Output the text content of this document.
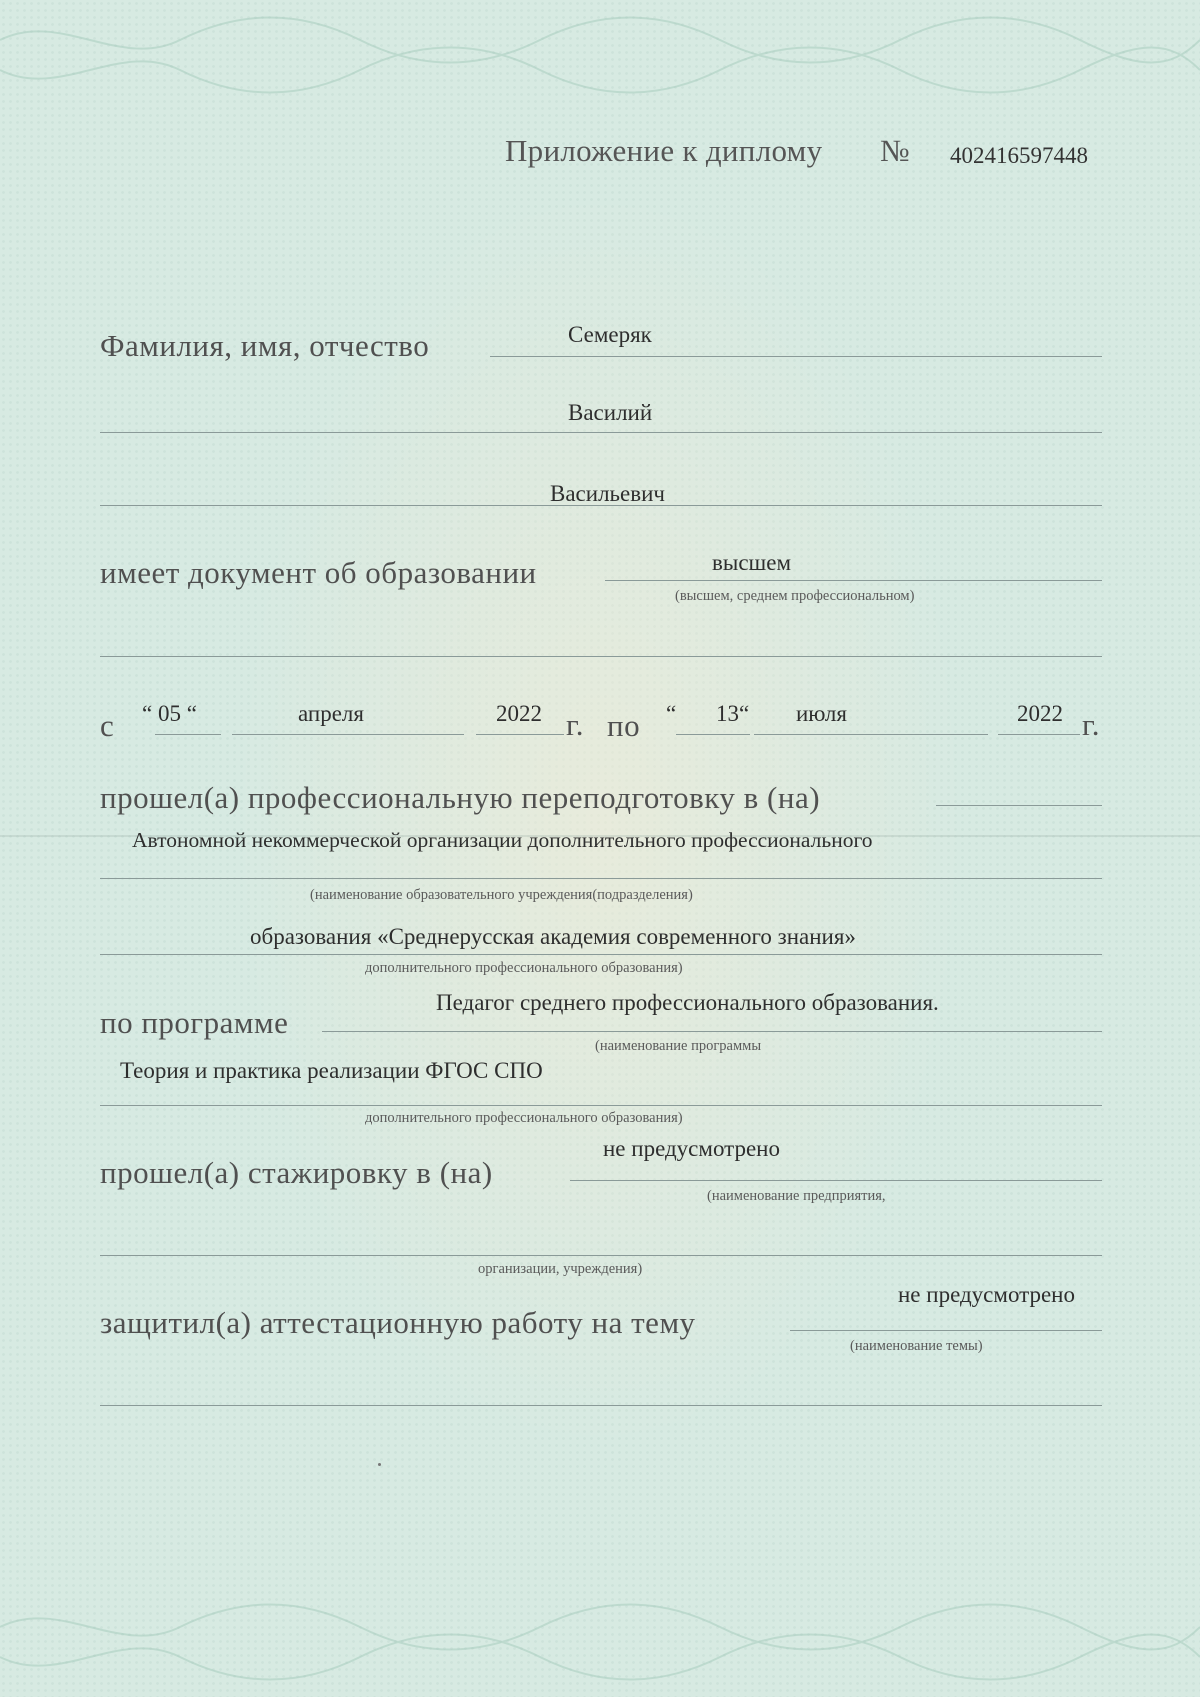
Приложение к диплому № 402416597448
Фамилия, имя, отчество	Семеряк
Василий
Васильевич
имеет документ об образовании	высшем
(высшем, среднем профессиональном)
с “ 05 “	апреля	2022 г. по “ 13“ июля	2022 г.
прошел(а) профессиональную переподготовку в (на)
Автономной некоммерческой организации дополнительного профессионального
(наименование образовательного учреждения(подразделения)
образования «Среднерусская академия современного знания»
дополнительного профессионального образования)
по программе
Педагог среднего профессионального образования.
(наименование программы
Теория и практика реализации ФГОС СПО
дополнительного профессионального образования)
прошел(а) стажировку в (на)
не предусмотрено
(наименование предприятия,
организации, учреждения)
защитил(а) аттестационную работу на тему
не предусмотрено
(наименование темы)
